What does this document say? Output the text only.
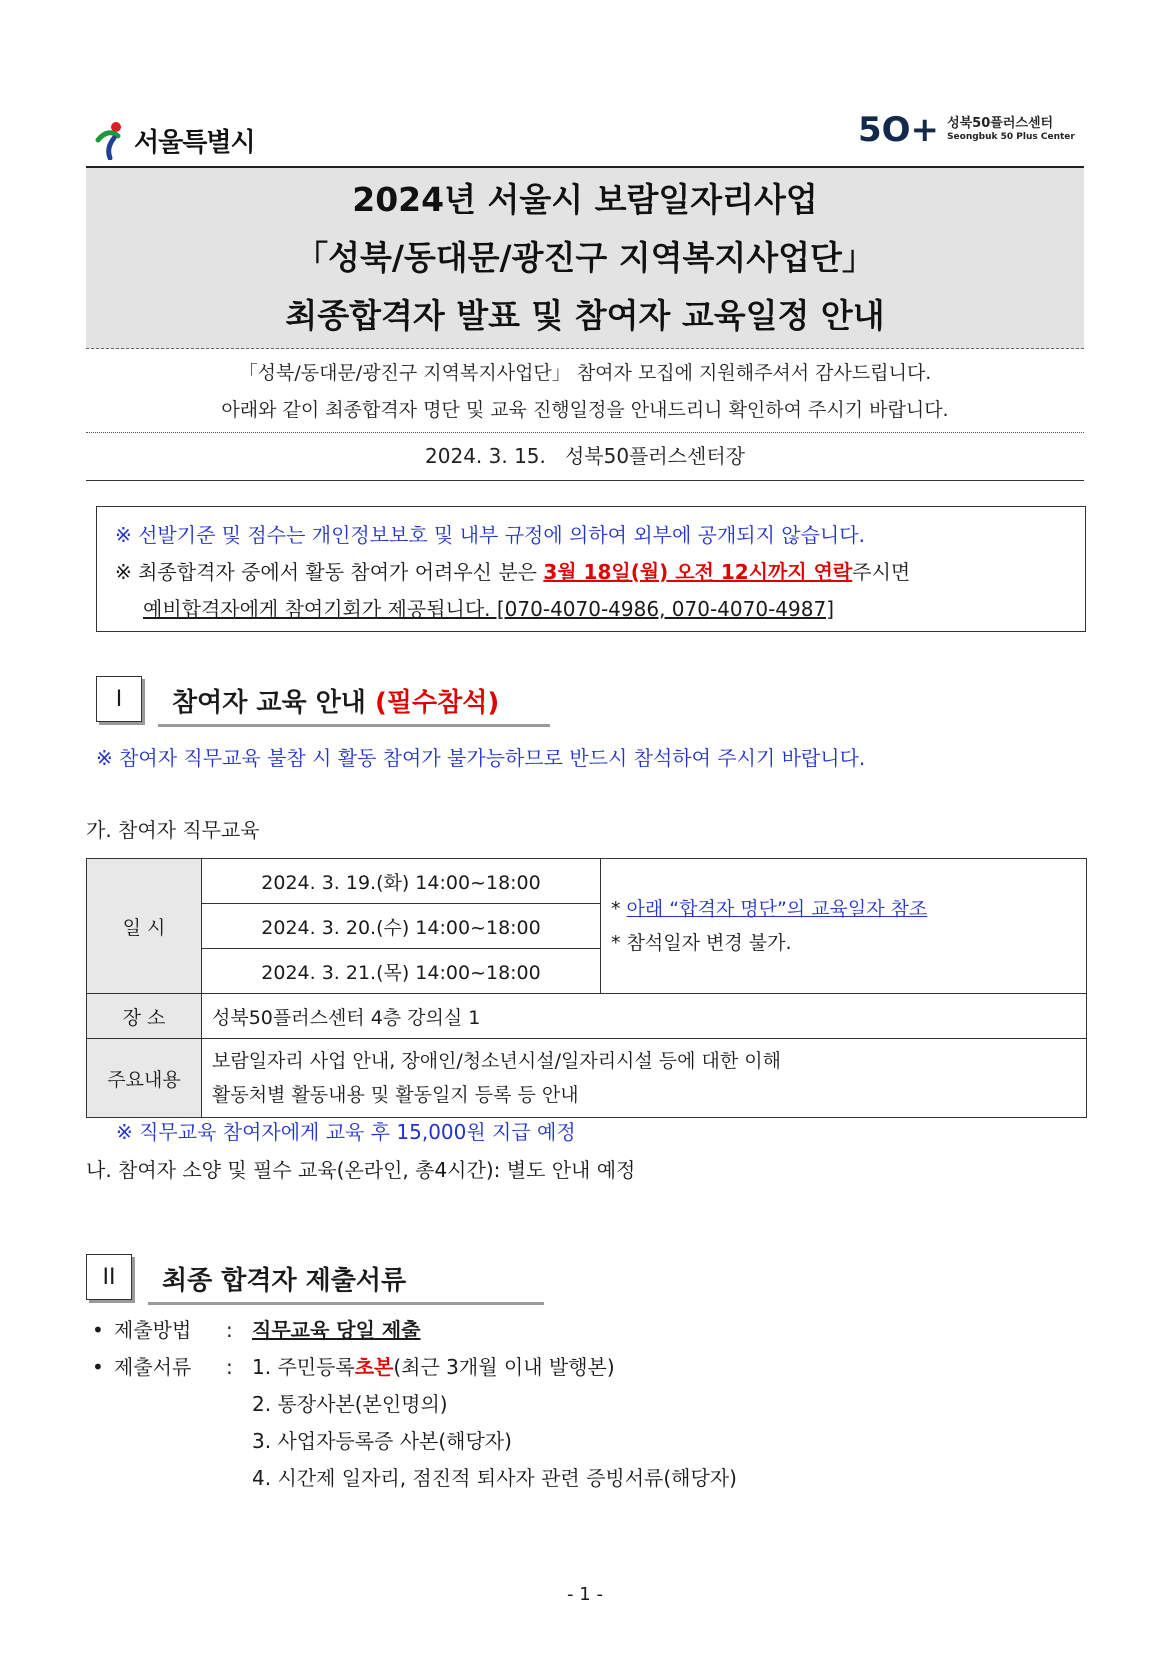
서울특별시	5O+ 성북50플러스센터
Seongbuk 50 Plus Center
2024년 서울시 보람일자리사업
「성북/동대문/광진구 지역복지사업단」
최종합격자 발표 및 참여자 교육일정 안내
「성북/동대문/광진구 지역복지사업단」 참여자 모집에 지원해주셔서 감사드립니다.
아래와 같이 최종합격자 명단 및 교육 진행일정을 안내드리니 확인하여 주시기 바랍니다.
2024. 3. 15. 성북50플러스센터장
※ 선발기준 및 점수는 개인정보보호 및 내부 규정에 의하여 외부에 공개되지 않습니다.
※ 최종합격자 중에서 활동 참여가 어려우신 분은 3월 18일(월) 오전 12시까지 연락주시면
예비합격자에게 참여기회가 제공됩니다. [070-4070-4986, 070-4070-4987]
I	참여자 교육 안내 (필수참석)
※ 참여자 직무교육 불참 시 활동 참여가 불가능하므로 반드시 참석하여 주시기 바랍니다.
가. 참여자 직무교육
일 시	2024. 3. 19.(화) 14:00~18:00	* 아래 “합격자 명단”의 교육일자 참조
* 참석일자 변경 불가.

	2024. 3. 20.(수) 14:00~18:00	
	2024. 3. 21.(목) 14:00~18:00	
장 소	성북50플러스센터 4층 강의실 1	
주요내용	보람일자리 사업 안내, 장애인/청소년시설/일자리시설 등에 대한 이해
활동처별 활동내용 및 활동일지 등록 등 안내	
※ 직무교육 참여자에게 교육 후 15,000원 지급 예정
나. 참여자 소양 및 필수 교육(온라인, 총4시간): 별도 안내 예정
II	최종 합격자 제출서류
• 제출방법	: 직무교육 당일 제출
• 제출서류	: 1. 주민등록초본(최근 3개월 이내 발행본)
2. 통장사본(본인명의)
3. 사업자등록증 사본(해당자)
4. 시간제 일자리, 점진적 퇴사자 관련 증빙서류(해당자)
- 1 -
